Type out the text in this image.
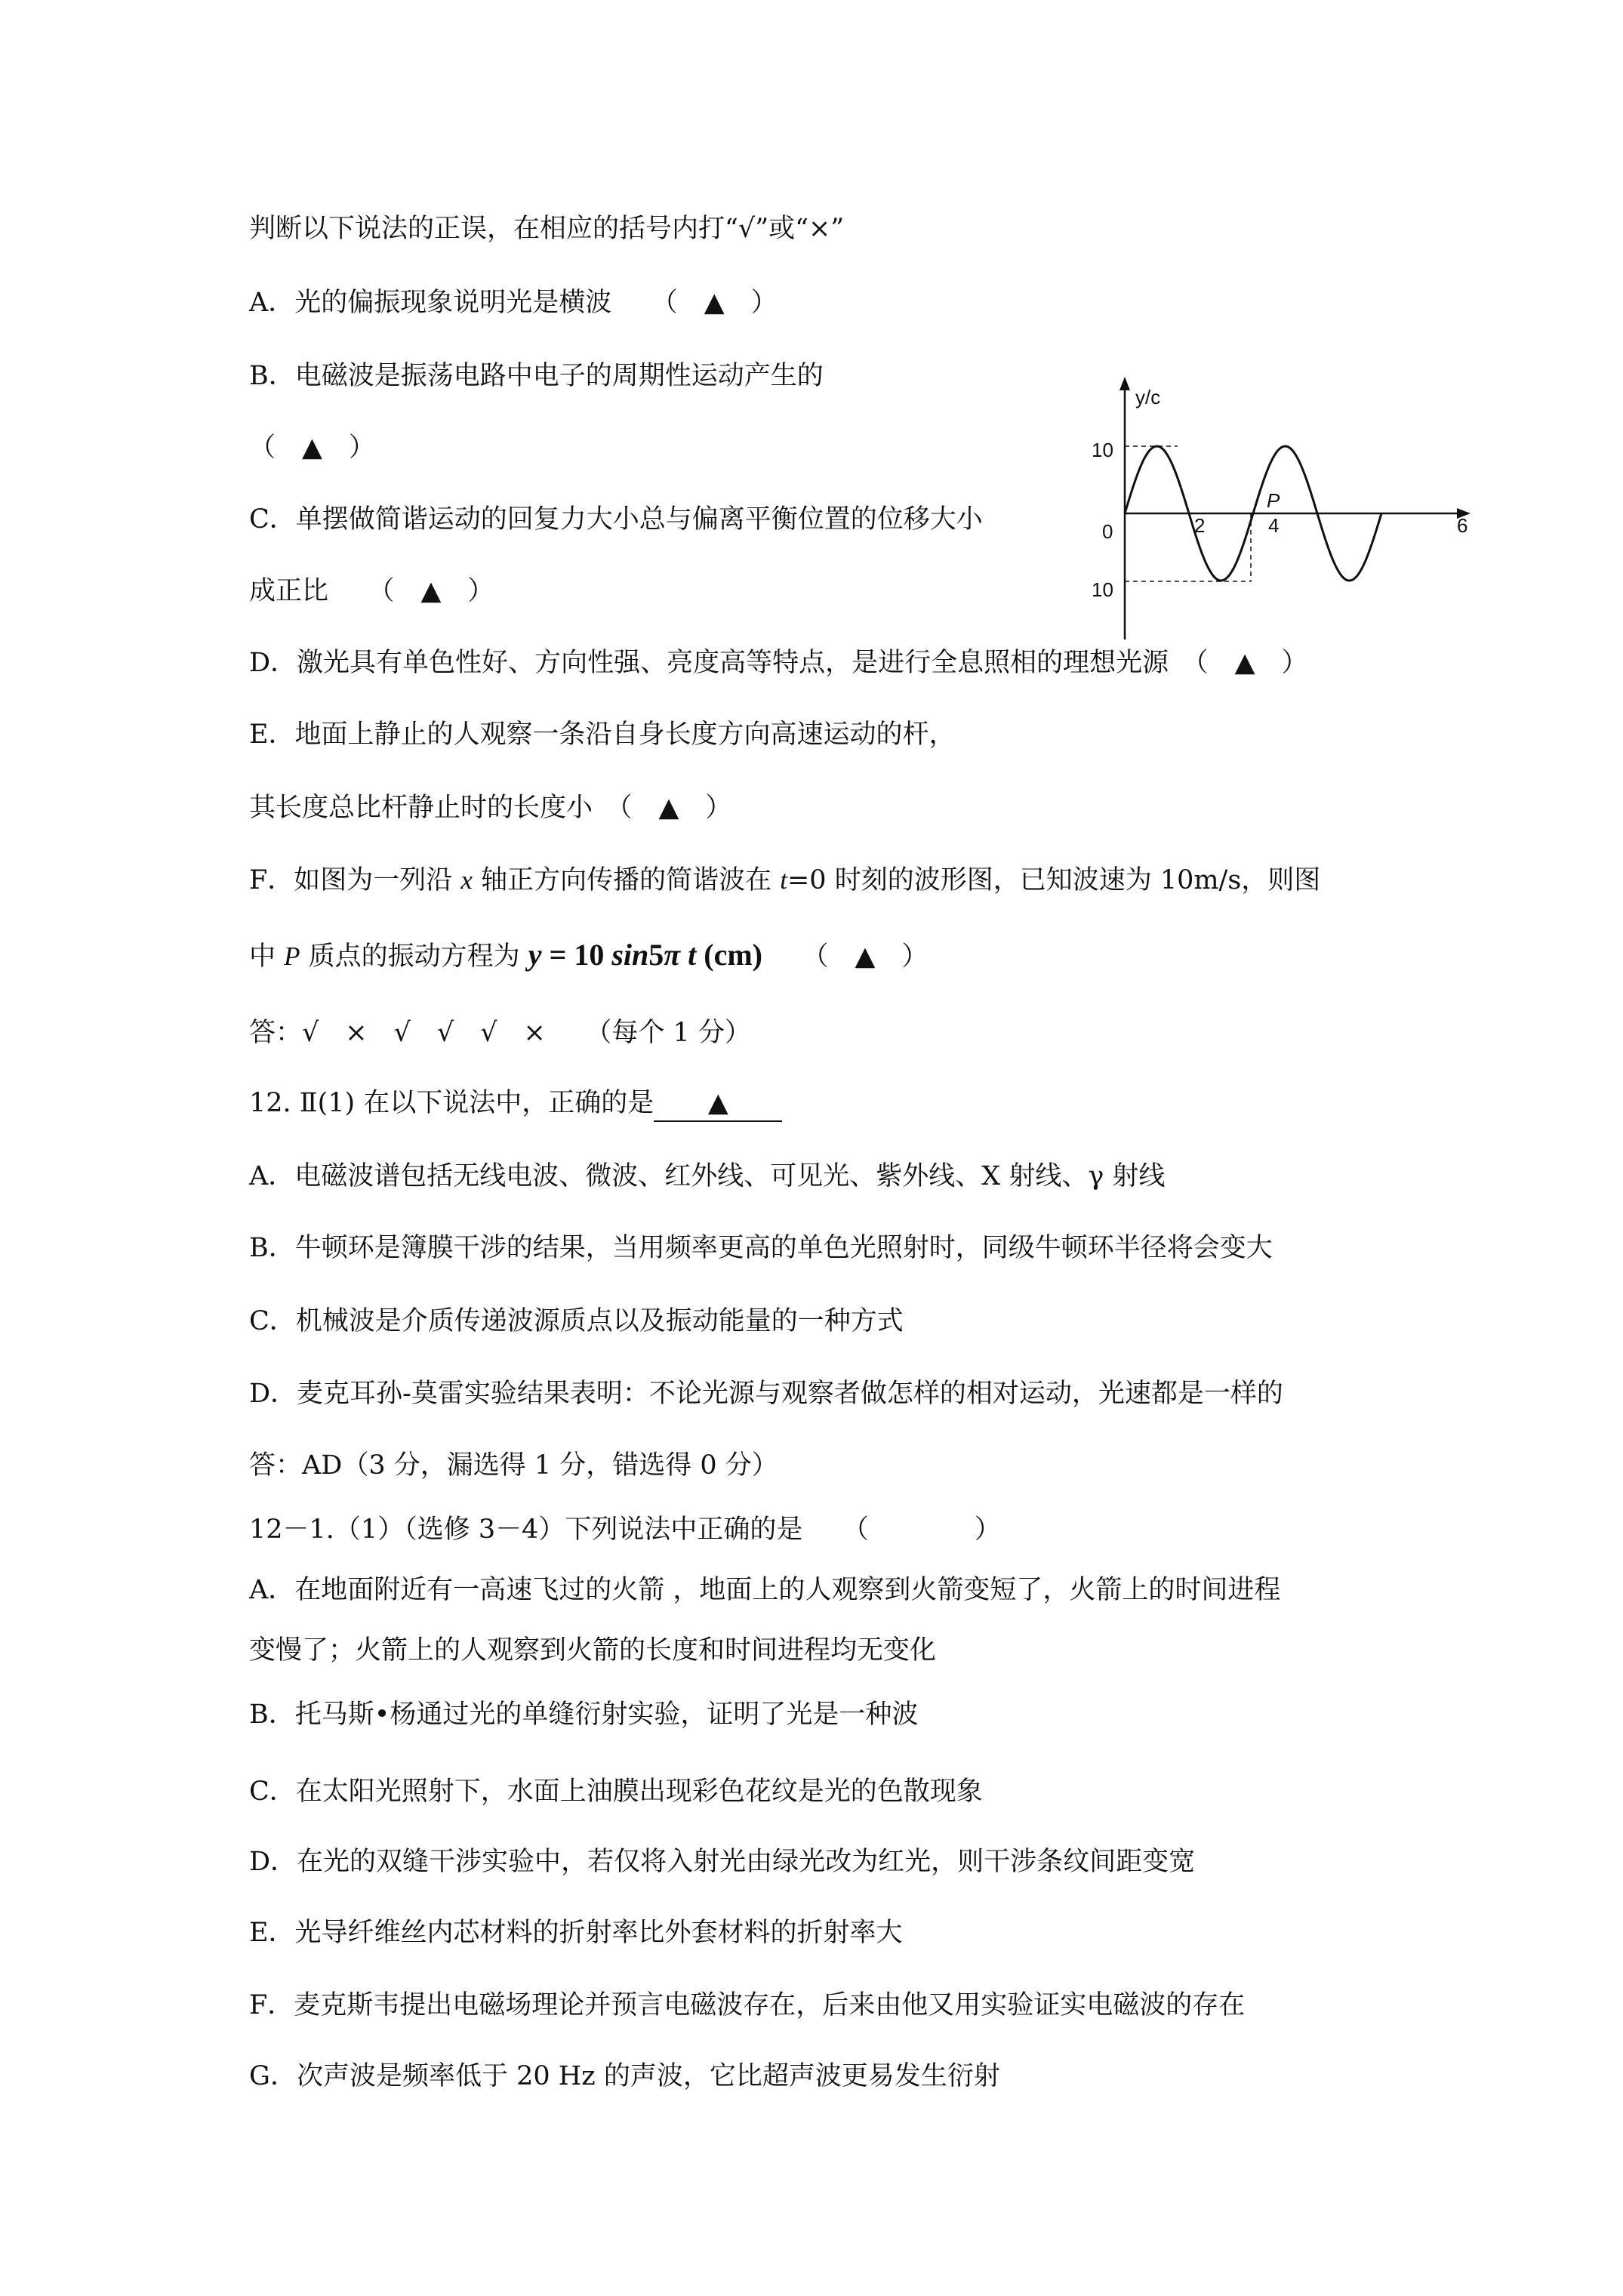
判断以下说法的正误，在相应的括号内打“√”或“×”
A．光的偏振现象说明光是横波　　（　▲　）
B．电磁波是振荡电路中电子的周期性运动产生的
（　▲　）
C．单摆做简谐运动的回复力大小总与偏离平衡位置的位移大小
成正比　　（　▲　）
D．激光具有单色性好、方向性强、亮度高等特点，是进行全息照相的理想光源　（　▲　）
E．地面上静止的人观察一条沿自身长度方向高速运动的杆，
其长度总比杆静止时的长度小　（　▲　）
F．如图为一列沿 x 轴正方向传播的简谐波在 t=0 时刻的波形图，已知波速为 10m/s，则图
中 P 质点的振动方程为 y = 10 sin5π t (cm)　　（　▲　）
答：√　×　√　√　√　×　　（每个 1 分）
12. Ⅱ(1) 在以下说法中，正确的是 ▲
A．电磁波谱包括无线电波、微波、红外线、可见光、紫外线、X 射线、γ 射线
B．牛顿环是簿膜干涉的结果，当用频率更高的单色光照射时，同级牛顿环半径将会变大
C．机械波是介质传递波源质点以及振动能量的一种方式
D．麦克耳孙-莫雷实验结果表明：不论光源与观察者做怎样的相对运动，光速都是一样的
答：AD（3 分，漏选得 1 分，错选得 0 分）
12－1.（1）（选修 3－4）下列说法中正确的是　　（　　　　）
A．在地面附近有一高速飞过的火箭 ，地面上的人观察到火箭变短了，火箭上的时间进程
变慢了；火箭上的人观察到火箭的长度和时间进程均无变化
B．托马斯•杨通过光的单缝衍射实验，证明了光是一种波
C．在太阳光照射下，水面上油膜出现彩色花纹是光的色散现象
D．在光的双缝干涉实验中，若仅将入射光由绿光改为红光，则干涉条纹间距变宽
E．光导纤维丝内芯材料的折射率比外套材料的折射率大
F．麦克斯韦提出电磁场理论并预言电磁波存在，后来由他又用实验证实电磁波的存在
G．次声波是频率低于 20 Hz 的声波，它比超声波更易发生衍射
y/c
10
10
0	2	4	6
P
